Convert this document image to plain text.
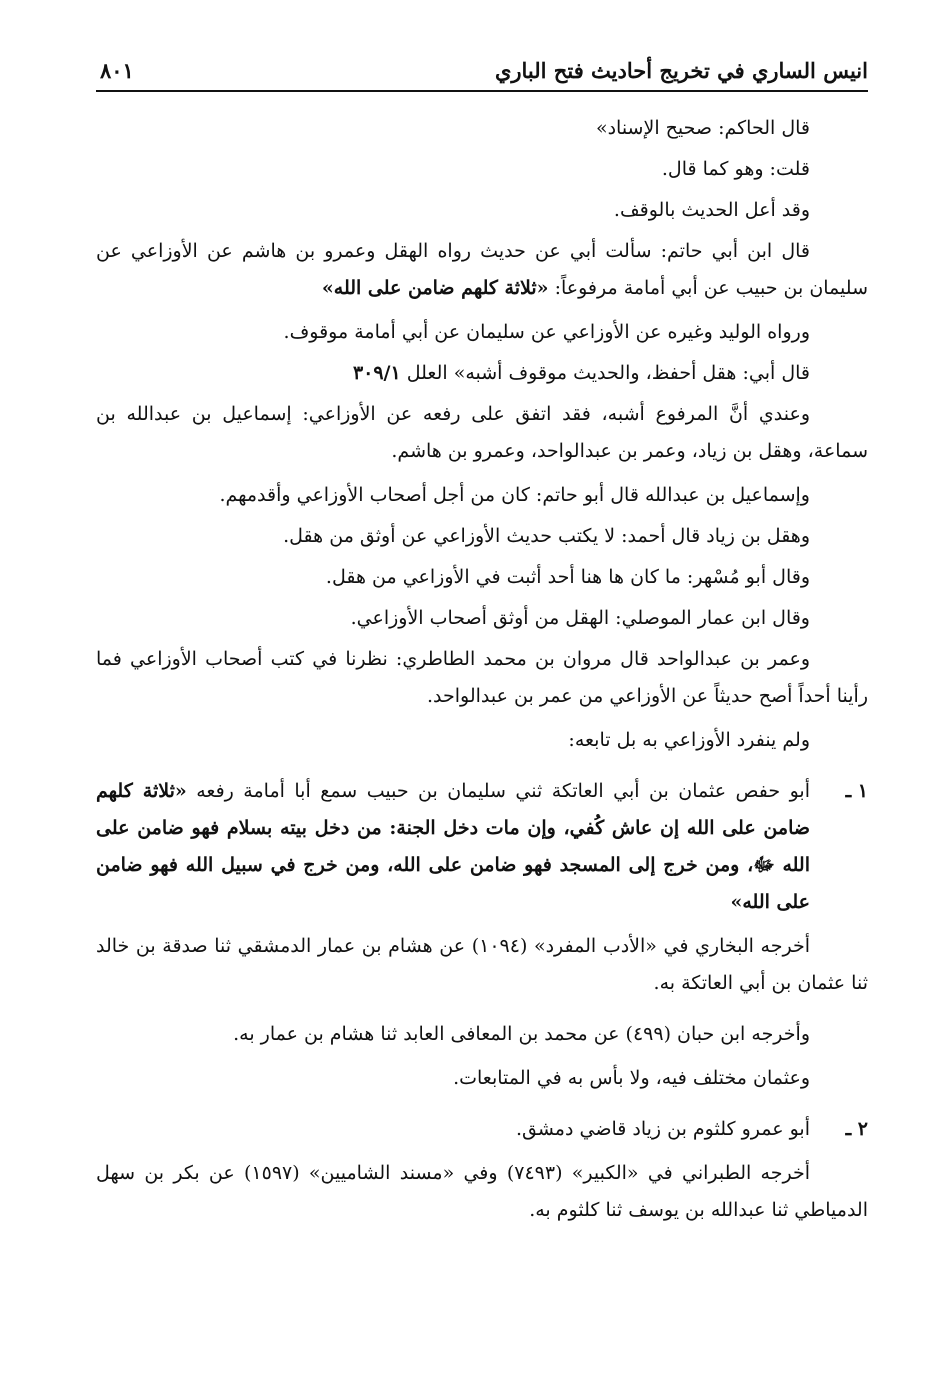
انيس الساري في تخريج أحاديث فتح الباري
٨٠١

قال الحاكم: صحيح الإسناد»

قلت: وهو كما قال.

وقد أعل الحديث بالوقف.

قال ابن أبي حاتم: سألت أبي عن حديث رواه الهقل وعمرو بن هاشم عن الأوزاعي عن سليمان بن حبيب عن أبي أمامة مرفوعاً: «ثلاثة كلهم ضامن على الله»

ورواه الوليد وغيره عن الأوزاعي عن سليمان عن أبي أمامة موقوف.

قال أبي: هقل أحفظ، والحديث موقوف أشبه» العلل ٣٠٩/١

وعندي أنَّ المرفوع أشبه، فقد اتفق على رفعه عن الأوزاعي: إسماعيل بن عبدالله بن سماعة، وهقل بن زياد، وعمر بن عبدالواحد، وعمرو بن هاشم.

وإسماعيل بن عبدالله قال أبو حاتم: كان من أجل أصحاب الأوزاعي وأقدمهم.

وهقل بن زياد قال أحمد: لا يكتب حديث الأوزاعي عن أوثق من هقل.

وقال أبو مُسْهر: ما كان ها هنا أحد أثبت في الأوزاعي من هقل.

وقال ابن عمار الموصلي: الهقل من أوثق أصحاب الأوزاعي.

وعمر بن عبدالواحد قال مروان بن محمد الطاطري: نظرنا في كتب أصحاب الأوزاعي فما رأينا أحداً أصح حديثاً عن الأوزاعي من عمر بن عبدالواحد.

ولم ينفرد الأوزاعي به بل تابعه:

١ ـ
أبو حفص عثمان بن أبي العاتكة ثني سليمان بن حبيب سمع أبا أمامة رفعه «ثلاثة كلهم ضامن على الله إن عاش كُفي، وإن مات دخل الجنة: من دخل بيته بسلام فهو ضامن على الله ﷻ، ومن خرج إلى المسجد فهو ضامن على الله، ومن خرج في سبيل الله فهو ضامن على الله»

أخرجه البخاري في «الأدب المفرد» (١٠٩٤) عن هشام بن عمار الدمشقي ثنا صدقة بن خالد ثنا عثمان بن أبي العاتكة به.

وأخرجه ابن حبان (٤٩٩) عن محمد بن المعافى العابد ثنا هشام بن عمار به.

وعثمان مختلف فيه، ولا بأس به في المتابعات.

٢ ـ
أبو عمرو كلثوم بن زياد قاضي دمشق.

أخرجه الطبراني في «الكبير» (٧٤٩٣) وفي «مسند الشاميين» (١٥٩٧) عن بكر بن سهل الدمياطي ثنا عبدالله بن يوسف ثنا كلثوم به.
